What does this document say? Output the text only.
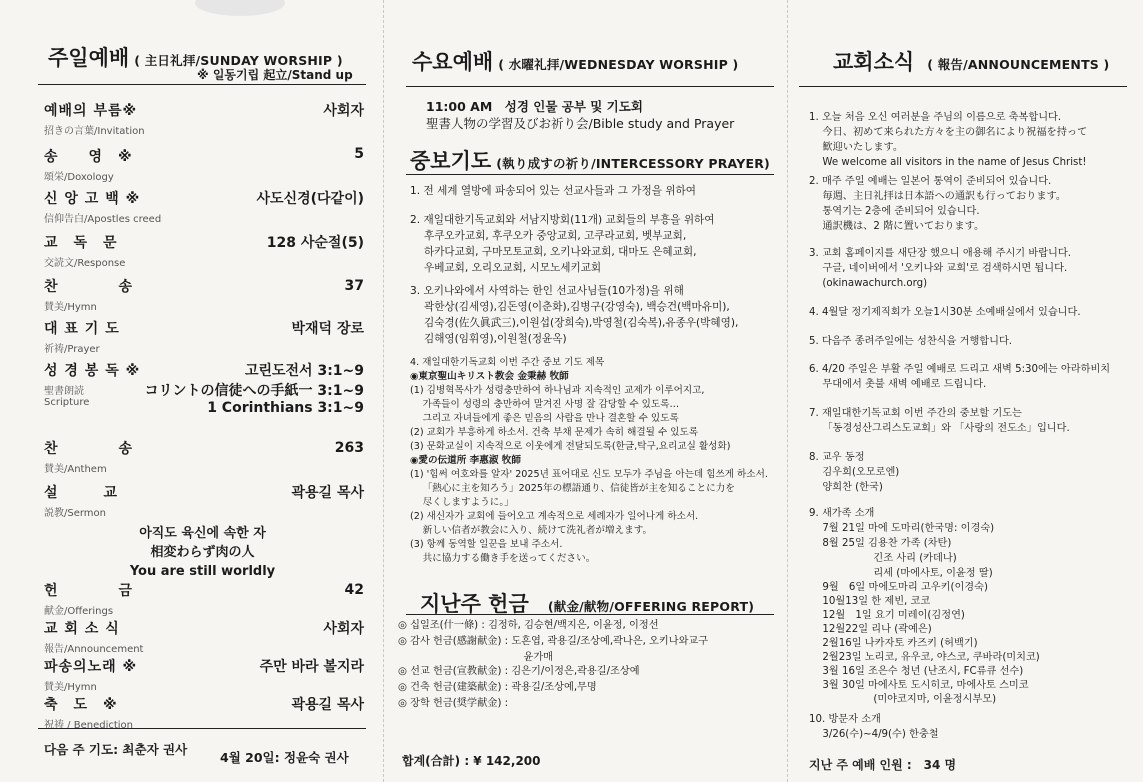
주일예배 ( 主日礼拝/SUNDAY WORSHIP )
※ 일동기립 起立/Stand up
예배의 부름※
招きの言葉/Invitation
사회자
송　　영　※
頌栄/Doxology
5
신 앙 고 백 ※
信仰告白/Apostles creed
사도신경(다같이)
교　독　문
交読文/Response
128 사순절(5)
찬　　　　송
賛美/Hymn
37
대 표 기 도
祈祷/Prayer
박재덕 장로
성 경 봉 독 ※
聖書朗読
Scripture
고린도전서 3:1~9
コリントの信徒への手紙一 3:1~9
1 Corinthians 3:1~9
찬　　　　송
賛美/Anthem
263
설　　　교
説教/Sermon
곽용길 목사
헌　　　　금
献金/Offerings
42
교 회 소 식
報告/Announcement
사회자
파송의노래 ※
賛美/Hymn
주만 바라 볼지라
축　도　※
祝祷 / Benediction
곽용길 목사
아직도 육신에 속한 자
相変わらず肉の人
You are still worldly
다음 주 기도: 최춘자 권사
4월 20일: 정윤숙 권사
수요예배 ( 水曜礼拝/WEDNESDAY WORSHIP )
11:00 AM　성경 인물 공부 및 기도회
聖書人物の学習及びお祈り会/Bible study and Prayer
중보기도 (執り成すの祈り/INTERCESSORY PRAYER)
1. 전 세계 열방에 파송되어 있는 선교사들과 그 가정을 위하여
2. 재일대한기독교회와 서남지방회(11개) 교회들의 부흥을 위하여
　 후쿠오카교회, 후쿠오카 중앙교회, 고쿠라교회, 벳부교회,
　 하카다교회, 구마모토교회, 오키나와교회, 대마도 은혜교회,
　 우베교회, 오리오교회, 시모노세키교회
3. 오키나와에서 사역하는 한인 선교사님들(10가정)을 위해
　 곽한상(김세영),김돈영(이춘화),김병구(강영숙), 백승건(백마유미),
　 김숙경(佐久眞武三),이원섭(장희숙),박영철(김숙복),유종우(박혜영),
　 김해영(임휘영),이원철(정윤옥)
4. 재일대한기독교회 이번 주간 중보 기도 제목
◉東京聖山キリスト教会 金秉赫 牧師
(1) 김병혁목사가 성령충만하여 하나님과 지속적인 교제가 이루어지고,
　 가족들이 성령의 충만하여 말겨진 사명 잘 감당할 수 있도록…
　 그리고 자녀들에게 좋은 믿음의 사람을 만나 결혼할 수 있도록
(2) 교회가 부흥하게 하소서. 건축 부채 문제가 속히 해결될 수 있도록
(3) 문화교실이 지속적으로 이웃에게 전달되도록(한글,탁구,요리교실 활성화)
◉愛の伝道所 李惠淑 牧師
(1) '힘써 여호와를 알자' 2025년 표어대로 신도 모두가 주님을 아는데 힘쓰게 하소서.
　 「熱心に主を知ろう」2025年の標語通り、信徒皆が主を知ることに力を
　 尽くしますように。」
(2) 새신자가 교회에 들어오고 계속적으로 세례자가 일어나게 하소서.
　 新しい信者が教会に入り、続けて洗礼者が増えます。
(3) 항께 동역할 일꾼을 보내 주소서.
　 共に協力する働き手を送ってください。
지난주 헌금 (献金/献物/OFFERING REPORT)
◎ 십일조(什一條) : 김정하, 김승현/백지은, 이윤정, 이정선
◎ 감사 헌금(感謝献金) : 도흔엽, 곽용길/조상예,곽나은, 오키나와교구
　　　　　　　　　　　　 윤가매
◎ 선교 헌금(宣教献金) : 김은기/이정은,곽용길/조상예
◎ 건축 헌금(建築献金) : 곽용길/조상예,무명
◎ 장학 헌금(奨学献金) :
합계(合計) : ¥ 142,200
교회소식 ( 報告/ANNOUNCEMENTS )
1. 오늘 처음 오신 여러분을 주님의 이름으로 축복합니다.
　 今日、初めて来られた方々を主の御名により祝福を持って
　 歓迎いたします。
　 We welcome all visitors in the name of Jesus Christ!
2. 매주 주일 예배는 일본어 통역이 준비되어 있습니다.
　 毎週、主日礼拝は日本語への通訳も行っております。
　 통역기는 2층에 준비되어 있습니다.
　 通訳機は、2 階に置いております。
3. 교회 홈페이지를 새단장 했으니 애용해 주시기 바랍니다.
　 구글, 네이버에서 '오키나와 교회'로 검색하시면 됩니다.
　 (okinawachurch.org)
4. 4월달 정기제직회가 오늘1시30분 소예배실에서 있습니다.
5. 다음주 종려주일에는 성찬식을 거행합니다.
6. 4/20 주일은 부활 주일 예배로 드리고 새벽 5:30에는 아라하비치
　 무대에서 촛불 새벽 예배로 드립니다.
7. 재일대한기독교회 이번 주간의 중보할 기도는
　 「동경성산그리스도교회」와 「사랑의 전도소」입니다.
8. 교우 동정
　 김우희(오모로엔)
　 양희찬 (한국)
9. 새가족 소개
　 7월 21일 마에 도마리(한국명: 이경숙)
　 8월 25일 김용찬 가족 (차탄)
　　　　　　 긴조 사리 (카데나)
　　　　　　 리세 (마에사토, 이윤정 딸)
　 9월　6일 마에도마리 고우키(이경숙)
　 10월13일 한 제빈, 코코
　 12월　1일 요기 미레이(김정연)
　 12월22일 리나 (곽예은)
　 2월16일 나카자토 카즈키 (허백기)
　 2월23일 노리코, 유우코, 야스코, 쿠바라(미치코)
　 3월 16일 조은수 청년 (난조시, FC류큐 선수)
　 3월 30일 마에사토 도시히코, 마에사토 스미코
　　　　　　 (미야코지마, 이윤정시부모)
10. 방문자 소개
　 3/26(수)~4/9(수) 한충철
지난 주 예배 인원 :　34 명
